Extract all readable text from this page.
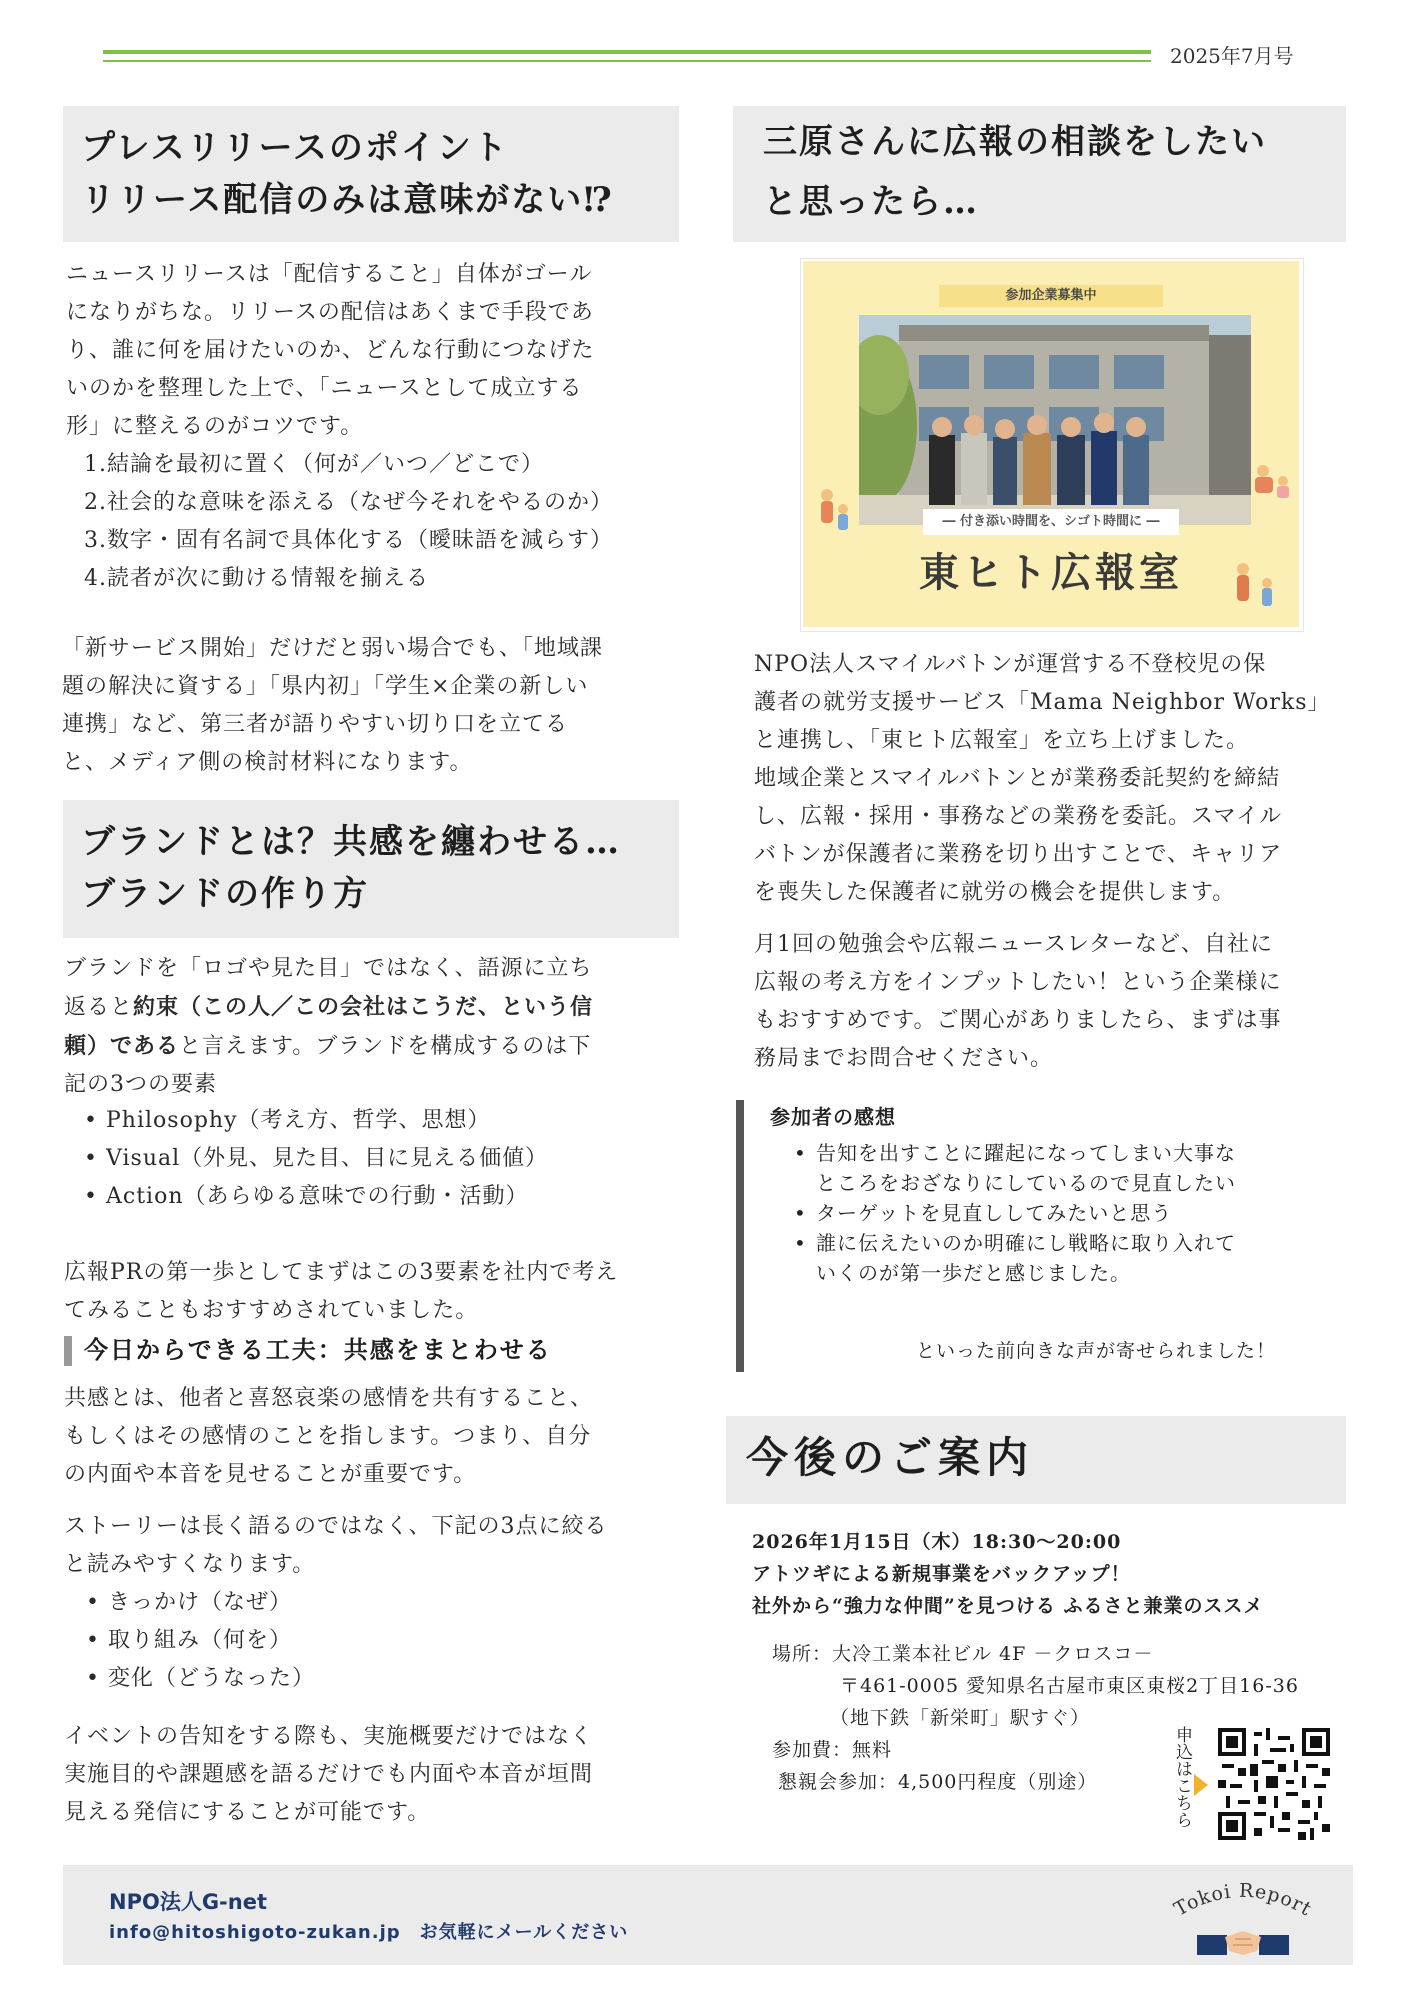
2025年7月号
プレスリリースのポイント
リリース配信のみは意味がない⁉
ニュースリリースは「配信すること」自体がゴール
になりがちな。リリースの配信はあくまで手段であ
り、誰に何を届けたいのか、どんな行動につなげた
いのかを整理した上で、「ニュースとして成立する
形」に整えるのがコツです。
1.結論を最初に置く（何が／いつ／どこで）
2.社会的な意味を添える（なぜ今それをやるのか）
3.数字・固有名詞で具体化する（曖昧語を減らす）
4.読者が次に動ける情報を揃える
「新サービス開始」だけだと弱い場合でも、「地域課
題の解決に資する」「県内初」「学生×企業の新しい
連携」など、第三者が語りやすい切り口を立てる
と、メディア側の検討材料になります。
ブランドとは？共感を纏わせる…
ブランドの作り方
ブランドを「ロゴや見た目」ではなく、語源に立ち
返ると約束（この人／この会社はこうだ、という信
頼）であると言えます。ブランドを構成するのは下
記の3つの要素
• Philosophy（考え方、哲学、思想）
• Visual（外見、見た目、目に見える価値）
• Action（あらゆる意味での行動・活動）
広報PRの第一歩としてまずはこの3要素を社内で考え
てみることもおすすめされていました。
今日からできる工夫：共感をまとわせる
共感とは、他者と喜怒哀楽の感情を共有すること、
もしくはその感情のことを指します。つまり、自分
の内面や本音を見せることが重要です。
ストーリーは長く語るのではなく、下記の3点に絞る
と読みやすくなります。
• きっかけ（なぜ）
• 取り組み（何を）
• 変化（どうなった）
イベントの告知をする際も、実施概要だけではなく
実施目的や課題感を語るだけでも内面や本音が垣間
見える発信にすることが可能です。
三原さんに広報の相談をしたい
と思ったら…
参加企業募集中
― 付き添い時間を、シゴト時間に ―
東ヒト広報室
NPO法人スマイルバトンが運営する不登校児の保
護者の就労支援サービス「Mama Neighbor Works」
と連携し、「東ヒト広報室」を立ち上げました。
地域企業とスマイルバトンとが業務委託契約を締結
し、広報・採用・事務などの業務を委託。スマイル
バトンが保護者に業務を切り出すことで、キャリア
を喪失した保護者に就労の機会を提供します。
月1回の勉強会や広報ニュースレターなど、自社に
広報の考え方をインプットしたい！という企業様に
もおすすめです。ご関心がありましたら、まずは事
務局までお問合せください。
参加者の感想
• 告知を出すことに躍起になってしまい大事な
ところをおざなりにしているので見直したい
• ターゲットを見直ししてみたいと思う
• 誰に伝えたいのか明確にし戦略に取り入れて
いくのが第一歩だと感じました。
といった前向きな声が寄せられました！
今後のご案内
2026年1月15日（木）18:30～20:00
アトツギによる新規事業をバックアップ！
社外から“強力な仲間”を見つける ふるさと兼業のススメ
場所：大冷工業本社ビル 4F －クロスコ－
〒461-0005 愛知県名古屋市東区東桜2丁目16-36
（地下鉄「新栄町」駅すぐ）
参加費：無料
懇親会参加：4,500円程度（別途）	申込はこちら
NPO法人G-net
info@hitoshigoto-zukan.jp　お気軽にメールください
Tokoi Report
